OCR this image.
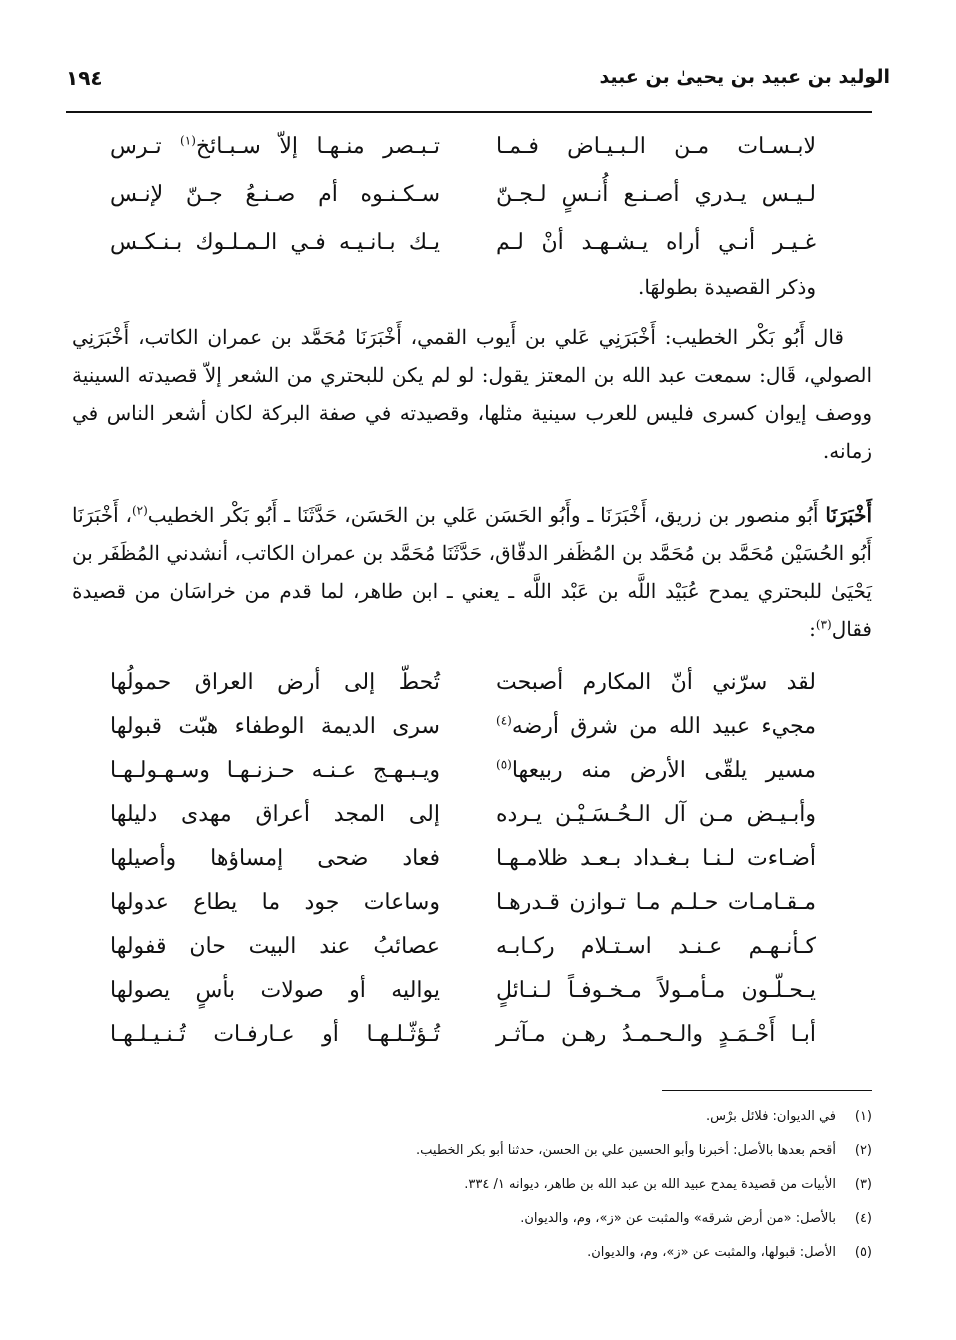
الوليد بن عبيد بن يحيىٰ بن عبيد
١٩٤
لابـسـات مـن الـبـيـاض فـمـا
تـبـصر منـهـا إلاّ سـبـائخ$^{(١)}$ تـرس
لـيـس يـدري أصـنـع أُنـسٍ لـجـنّ
سـكـنـوه أم صـنـعُ جـنّ لإنـس
غـيـر أنـي أراه يـشـهـد أنْ لـم
يـك بـانـيـه فـي الـمـلـوك بـنـكـس
وذكر القصيدة بطولهَا.
قال أَبُو بَكْر الخطيب: أَخْبَرَنِي عَلي بن أَيوب القمي، أَخْبَرَنَا مُحَمَّد بن عمران الكاتب، أَخْبَرَنِي الصولي، قَال: سمعت عبد الله بن المعتز يقول: لو لم يكن للبحتري من الشعر إلاّ قصيدته السينية ووصف إيوان كسرى فليس للعرب سينية مثلها، وقصيدته في صفة البركة لكان أشعر الناس في زمانه.
أَخْبَرَنَا أَبُو منصور بن زريق، أَخْبَرَنَا ـ وأَبُو الحَسَن عَلي بن الحَسَن، حَدَّثَنَا ـ أَبُو بَكْر الخطيب$^{(٢)}$، أَخْبَرَنَا أَبُو الحُسَيْن مُحَمَّد بن مُحَمَّد بن المُظَفر الدقّاق، حَدَّثَنَا مُحَمَّد بن عمران الكاتب، أنشدني المُظَفَر بن يَحْيَىٰ للبحتري يمدح عُبَيْد اللَّه بن عَبْد اللَّه ـ يعني ـ ابن طاهر، لما قدم من خراسَان من قصيدة فقال$^{(٣)}$:
لقد سرّني أنّ المكارم أصبحت
تُحطّ إلى أرض العراق حمولُها
مجيء عبيد الله من شرق أرضه$^{(٤)}$
سرى الديمة الوطفاء هبّت قبولها
مسير يلقّى الأرض منه ربيعها$^{(٥)}$
ويـبـهـج عـنـه حـزنـهـا وسـهـولـهـا
وأبـيـض مـن آل الـحُـسَـيْـن يـرده
إلى المجد أعراق مهدى دليلها
أضـاءت لـنـا بـغـداد بـعـد ظلامـهـا
فعاد ضحى إمساؤها وأصيلها
مـقـامـات حـلـم مـا تـوازن قـدرهـا
وساعات جود ما يطاع عدولها
كـأنـهـم عـنـد اسـتـلام ركـابـه
عصائبُ عند البيت حان قفولها
يـحـلّـون مـأمـولاً مـخـوفـاً لـنـائلٍ
يواليه أو صولات بأسٍ يصولها
أبـا أَحْـمَـدٍ والـحـمـدُ رهـن مـآثـر
تُـؤثّـلـهـا أو عـارفـات تُـنـيـلـهـا
(١)في الديوان: فلائل برْس.
(٢)أقحم بعدها بالأصل: أخبرنا وأبو الحسين علي بن الحسن، حدثنا أبو بكر الخطيب.
(٣)الأبيات من قصيدة يمدح عبيد الله بن عبد الله بن طاهر، ديوانه ١/ ٣٣٤.
(٤)بالأصل: «من أرض شرقه» والمثبت عن «ز»، وم، والديوان.
(٥)الأصل: قبولها، والمثبت عن «ز»، وم، والديوان.
